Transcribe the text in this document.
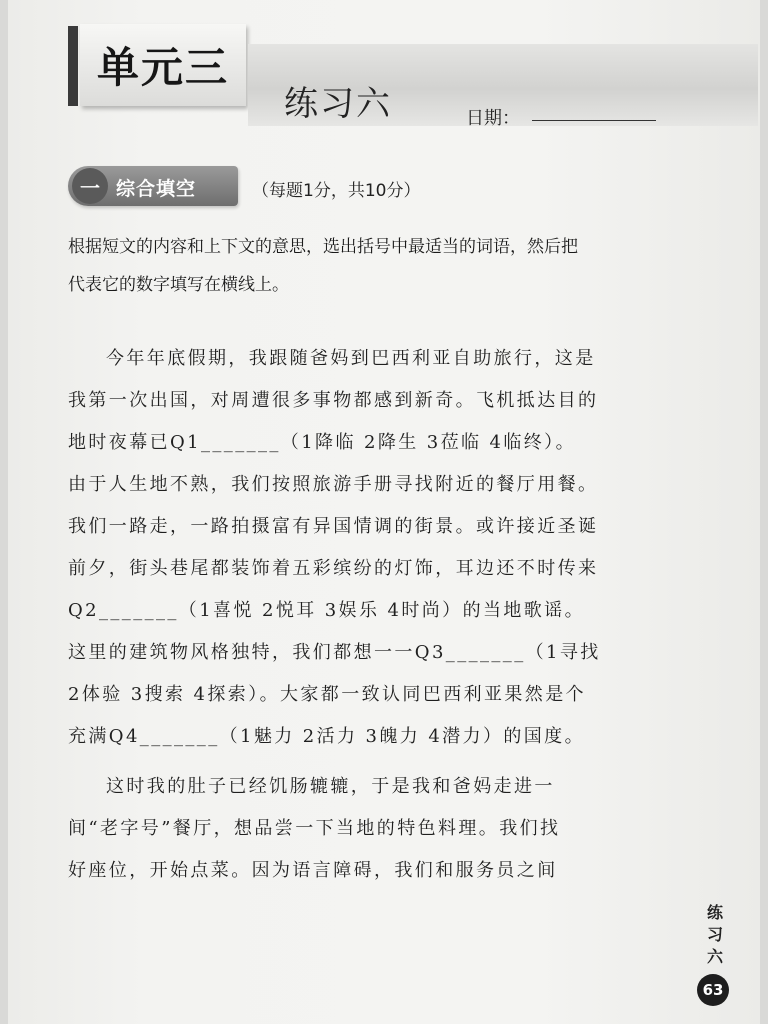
单元三
练习六	日期：
一 综合填空	（每题1分，共10分）
根据短文的内容和上下文的意思，选出括号中最适当的词语，然后把
代表它的数字填写在横线上。
今年年底假期，我跟随爸妈到巴西利亚自助旅行，这是
我第一次出国，对周遭很多事物都感到新奇。飞机抵达目的
地时夜幕已Q1_______（1降临 2降生 3莅临 4临终）。
由于人生地不熟，我们按照旅游手册寻找附近的餐厅用餐。
我们一路走，一路拍摄富有异国情调的街景。或许接近圣诞
前夕，街头巷尾都装饰着五彩缤纷的灯饰，耳边还不时传来
Q2_______（1喜悦 2悦耳 3娱乐 4时尚）的当地歌谣。
这里的建筑物风格独特，我们都想一一Q3_______（1寻找
2体验 3搜索 4探索）。大家都一致认同巴西利亚果然是个
充满Q4_______（1魅力 2活力 3魄力 4潜力）的国度。
这时我的肚子已经饥肠辘辘，于是我和爸妈走进一
间“老字号”餐厅，想品尝一下当地的特色料理。我们找
好座位，开始点菜。因为语言障碍，我们和服务员之间
练习六
63
